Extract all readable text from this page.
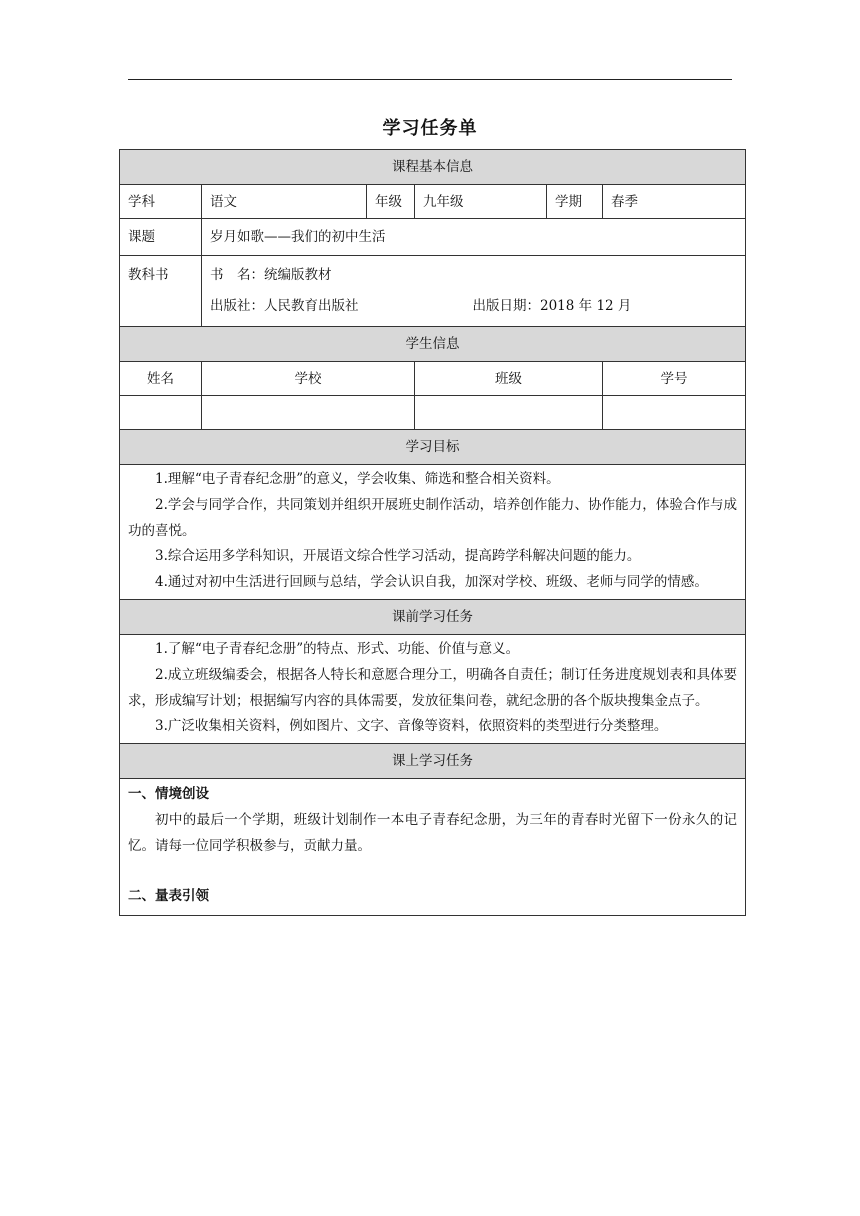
学习任务单
课程基本信息					
学科	语文	年级	九年级	学期	春季
课题	岁月如歌——我们的初中生活				

教科书	书　名：统编版教材
出版社：人民教育出版社 出版日期：2018 年 12 月				

学生信息					
姓名	学校		班级		学号

学习目标					

1.理解“电子青春纪念册”的意义，学会收集、筛选和整合相关资料。

2.学会与同学合作，共同策划并组织开展班史制作活动，培养创作能力、协作能力，体验合作与成功的喜悦。

3.综合运用多学科知识，开展语文综合性学习活动，提高跨学科解决问题的能力。

4.通过对初中生活进行回顾与总结，学会认识自我，加深对学校、班级、老师与同学的情感。					

课前学习任务					

1.了解“电子青春纪念册”的特点、形式、功能、价值与意义。

2.成立班级编委会，根据各人特长和意愿合理分工，明确各自责任；制订任务进度规划表和具体要求，形成编写计划；根据编写内容的具体需要，发放征集问卷，就纪念册的各个版块搜集金点子。

3.广泛收集相关资料，例如图片、文字、音像等资料，依照资料的类型进行分类整理。					

课上学习任务					

一、情境创设

初中的最后一个学期，班级计划制作一本电子青春纪念册，为三年的青春时光留下一份永久的记忆。请每一位同学积极参与，贡献力量。

二、量表引领					
